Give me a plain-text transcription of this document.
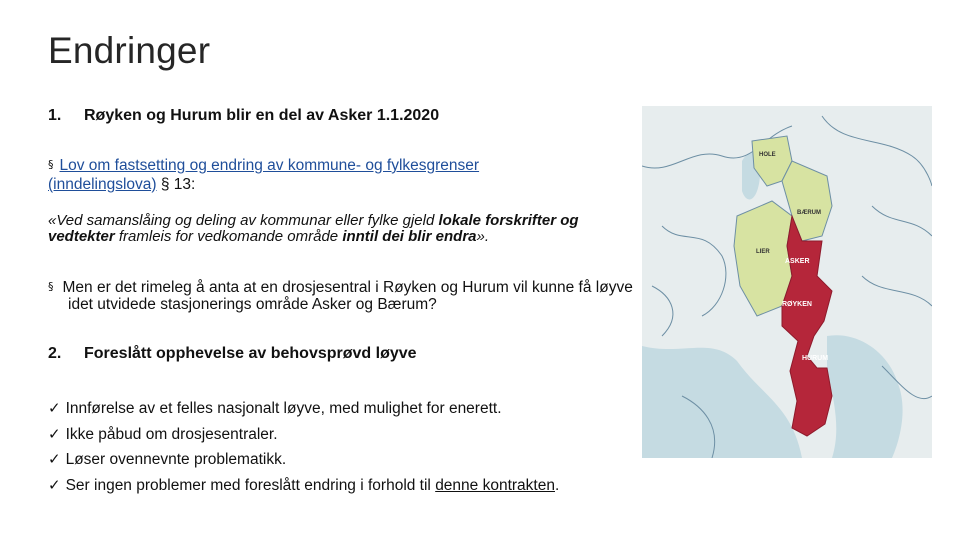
Endringer
1. Røyken og Hurum blir en del av Asker 1.1.2020
§ Lov om fastsetting og endring av kommune- og fylkesgrenser (inndelingslova) § 13:
«Ved samanslåing og deling av kommunar eller fylke gjeld lokale forskrifter og vedtekter framleis for vedkomande område inntil dei blir endra».
§ Men er det rimeleg å anta at en drosjesentral i Røyken og Hurum vil kunne få løyve idet utvidede stasjonerings område Asker og Bærum?
2. Foreslått opphevelse av behovsprøvd løyve
✓ Innførelse av et felles nasjonalt løyve, med mulighet for enerett.
✓ Ikke påbud om drosjesentraler.
✓ Løser ovennevnte problematikk.
✓ Ser ingen problemer med foreslått endring i forhold til denne kontrakten.
HOLE
BÆRUM
LIER
ASKER
RØYKEN
HURUM
